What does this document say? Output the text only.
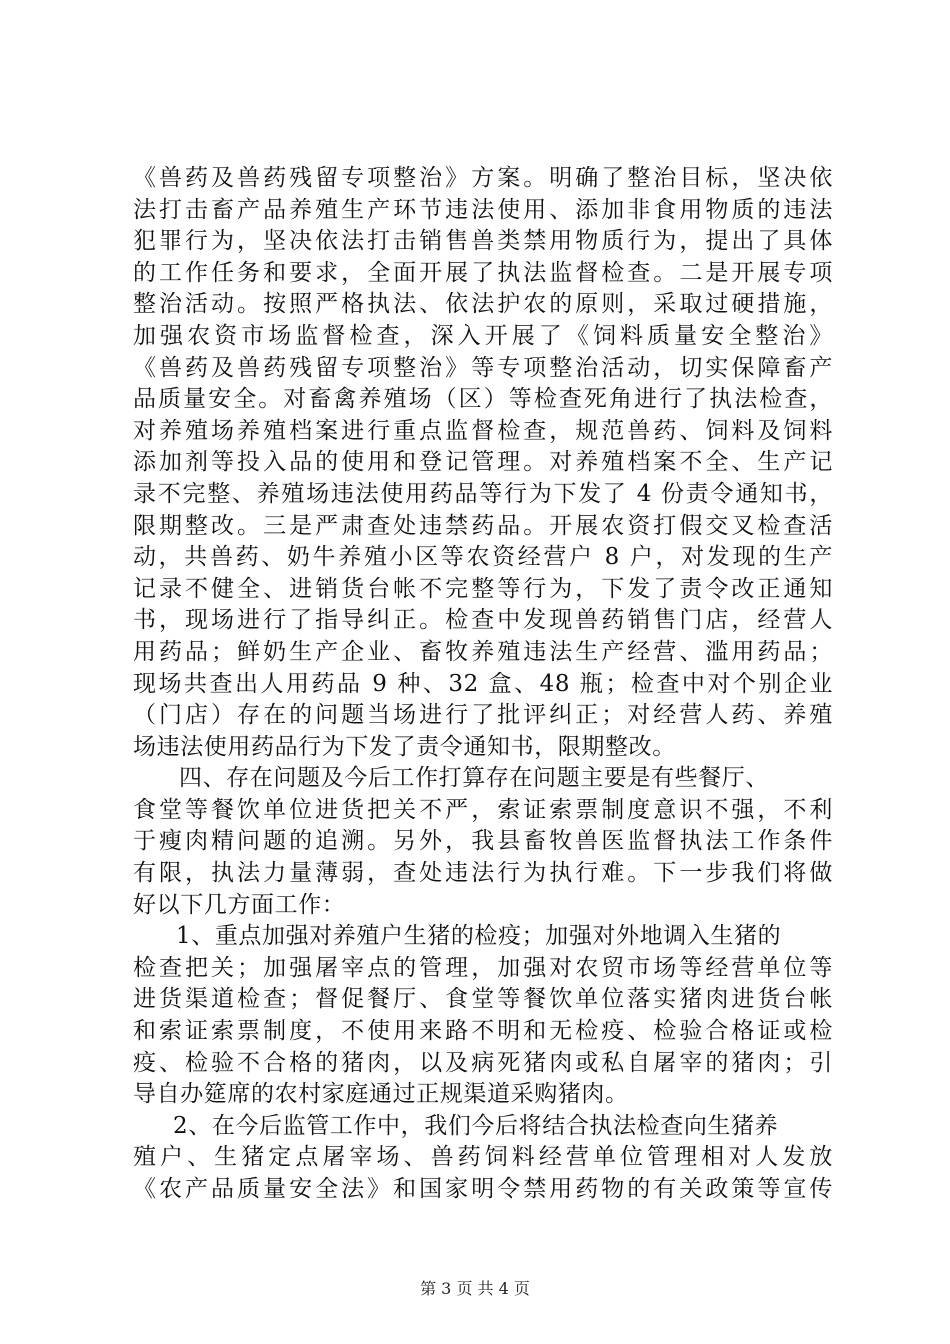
《兽药及兽药残留专项整治》方案。明确了整治目标，坚决依
法打击畜产品养殖生产环节违法使用、添加非食用物质的违法
犯罪行为，坚决依法打击销售兽类禁用物质行为，提出了具体
的工作任务和要求，全面开展了执法监督检查。二是开展专项
整治活动。按照严格执法、依法护农的原则，采取过硬措施，
加强农资市场监督检查，深入开展了《饲料质量安全整治》
《兽药及兽药残留专项整治》等专项整治活动，切实保障畜产
品质量安全。对畜禽养殖场（区）等检查死角进行了执法检查，
对养殖场养殖档案进行重点监督检查，规范兽药、饲料及饲料
添加剂等投入品的使用和登记管理。对养殖档案不全、生产记
录不完整、养殖场违法使用药品等行为下发了 4 份责令通知书，
限期整改。三是严肃查处违禁药品。开展农资打假交叉检查活
动，共兽药、奶牛养殖小区等农资经营户 8 户，对发现的生产
记录不健全、进销货台帐不完整等行为，下发了责令改正通知
书，现场进行了指导纠正。检查中发现兽药销售门店，经营人
用药品；鲜奶生产企业、畜牧养殖违法生产经营、滥用药品；
现场共查出人用药品 9 种、32 盒、48 瓶；检查中对个别企业
（门店）存在的问题当场进行了批评纠正；对经营人药、养殖
场违法使用药品行为下发了责令通知书，限期整改。
四、存在问题及今后工作打算存在问题主要是有些餐厅、
食堂等餐饮单位进货把关不严，索证索票制度意识不强，不利
于瘦肉精问题的追溯。另外，我县畜牧兽医监督执法工作条件
有限，执法力量薄弱，查处违法行为执行难。下一步我们将做
好以下几方面工作：
1、重点加强对养殖户生猪的检疫；加强对外地调入生猪的
检查把关；加强屠宰点的管理，加强对农贸市场等经营单位等
进货渠道检查；督促餐厅、食堂等餐饮单位落实猪肉进货台帐
和索证索票制度，不使用来路不明和无检疫、检验合格证或检
疫、检验不合格的猪肉，以及病死猪肉或私自屠宰的猪肉；引
导自办筵席的农村家庭通过正规渠道采购猪肉。
2、在今后监管工作中，我们今后将结合执法检查向生猪养
殖户、生猪定点屠宰场、兽药饲料经营单位管理相对人发放
《农产品质量安全法》和国家明令禁用药物的有关政策等宣传
第 3 页 共 4 页
